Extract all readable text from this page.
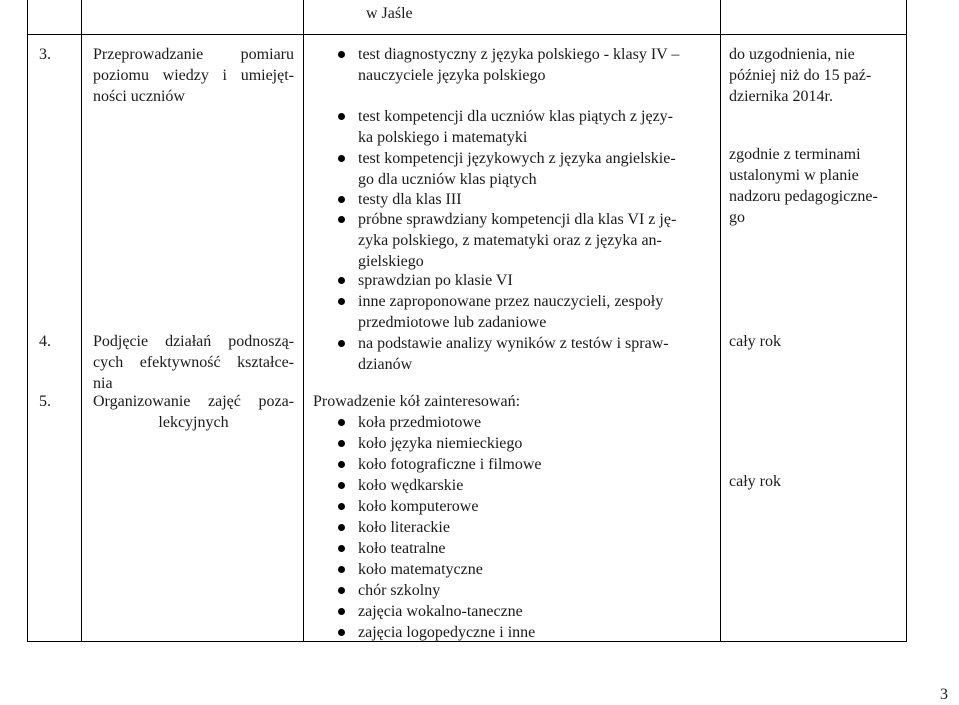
w Jaśle
3.
4.
5.
Przeprowadzanie pomiaru
poziomu wiedzy i umiejęt-
ności uczniów
Podjęcie działań podnoszą-
cych efektywność kształce-
nia
Organizowanie zajęć poza-
lekcyjnych
do uzgodnienia, nie
później niż do 15 paź-
dziernika 2014r.
zgodnie z terminami
ustalonymi w planie
nadzoru pedagogiczne-
go
cały rok
cały rok
test diagnostyczny z języka polskiego - klasy IV –
nauczyciele języka polskiego
test kompetencji dla uczniów klas piątych z języ-
ka polskiego i matematyki
test kompetencji językowych z języka angielskie-
go dla uczniów klas piątych
testy dla klas III
próbne sprawdziany kompetencji dla klas VI z ję-
zyka polskiego, z matematyki oraz z języka an-
gielskiego
sprawdzian po klasie VI
inne zaproponowane przez nauczycieli, zespoły
przedmiotowe lub zadaniowe
na podstawie analizy wyników z testów i spraw-
dzianów
Prowadzenie kół zainteresowań:
koła przedmiotowe
koło języka niemieckiego
koło fotograficzne i filmowe
koło wędkarskie
koło komputerowe
koło literackie
koło teatralne
koło matematyczne
chór szkolny
zajęcia wokalno-taneczne
zajęcia logopedyczne i inne
3
